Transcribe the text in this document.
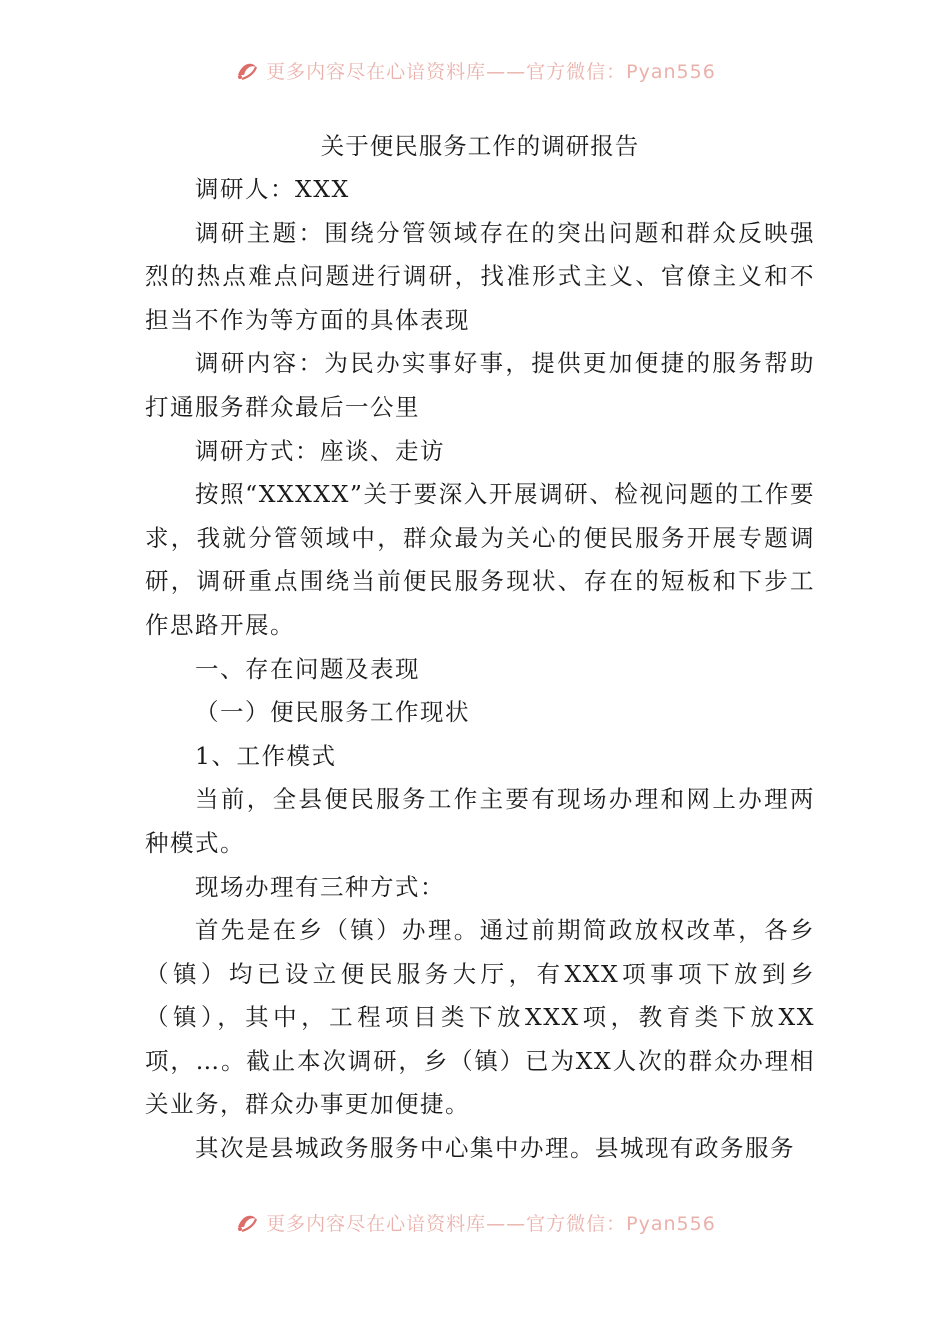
更多内容尽在心谙资料库——官方微信：Pyan556
关于便民服务工作的调研报告

调研人：XXX

调研主题：围绕分管领域存在的突出问题和群众反映强烈的热点难点问题进行调研，找准形式主义、官僚主义和不担当不作为等方面的具体表现

调研内容：为民办实事好事，提供更加便捷的服务帮助打通服务群众最后一公里

调研方式：座谈、走访

按照“XXXXX”关于要深入开展调研、检视问题的工作要求，我就分管领域中，群众最为关心的便民服务开展专题调研，调研重点围绕当前便民服务现状、存在的短板和下步工作思路开展。

一、存在问题及表现

（一）便民服务工作现状

1、工作模式

当前，全县便民服务工作主要有现场办理和网上办理两种模式。

现场办理有三种方式：

首先是在乡（镇）办理。通过前期简政放权改革，各乡（镇）均已设立便民服务大厅，有XXX项事项下放到乡（镇），其中，工程项目类下放XXX项，教育类下放XX项，…。截止本次调研，乡（镇）已为XX人次的群众办理相关业务，群众办事更加便捷。

其次是县城政务服务中心集中办理。县城现有政务服务

更多内容尽在心谙资料库——官方微信：Pyan556
